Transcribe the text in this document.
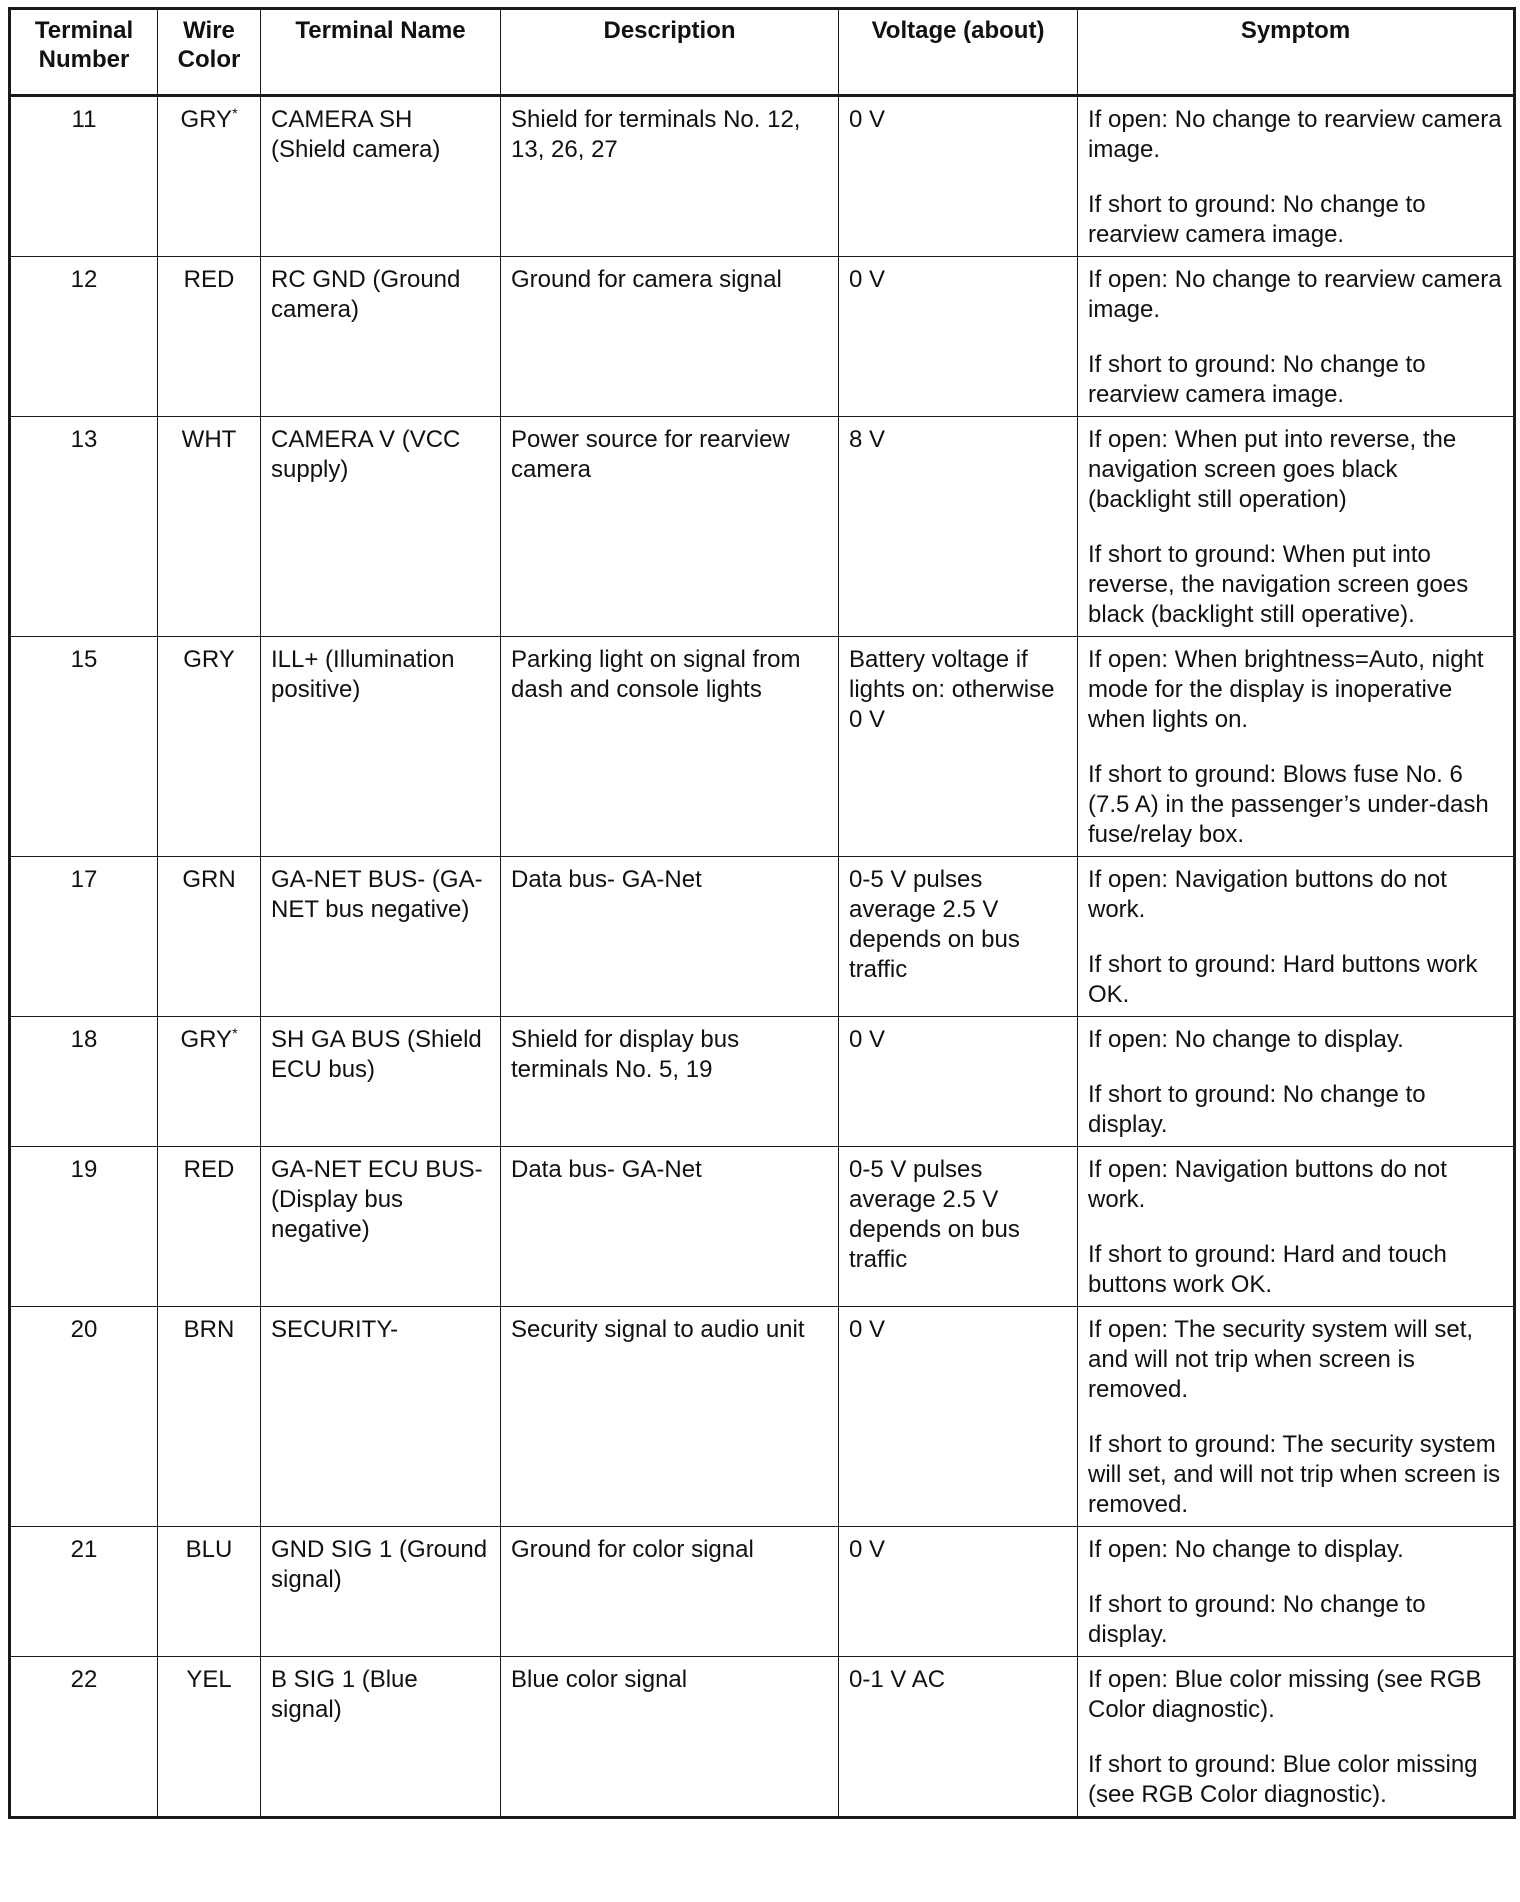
Terminal Number	Wire Color	Terminal Name	Description	Voltage (about)	Symptom
11	GRY*	CAMERA SH (Shield camera)	Shield for terminals No. 12, 13, 26, 27	0 V	If open: No change to rearview camera image.
If short to ground: No change to rearview camera image.

12	RED	RC GND (Ground camera)	Ground for camera signal	0 V	If open: No change to rearview camera image.
If short to ground: No change to rearview camera image.

13	WHT	CAMERA V (VCC supply)	Power source for rearview camera	8 V	If open: When put into reverse, the navigation screen goes black (backlight still operation)
If short to ground: When put into reverse, the navigation screen goes black (backlight still operative).

15	GRY	ILL+ (Illumination positive)	Parking light on signal from dash and console lights	Battery voltage if lights on: otherwise 0 V	If open: When brightness=Auto, night mode for the display is inoperative when lights on.
If short to ground: Blows fuse No. 6 (7.5 A) in the passenger’s under-dash fuse/relay box.

17	GRN	GA-NET BUS- (GA-NET bus negative)	Data bus- GA-Net	0-5 V pulses average 2.5 V depends on bus traffic	If open: Navigation buttons do not work.
If short to ground: Hard buttons work OK.

18	GRY*	SH GA BUS (Shield ECU bus)	Shield for display bus terminals No. 5, 19	0 V	If open: No change to display.
If short to ground: No change to display.

19	RED	GA-NET ECU BUS- (Display bus negative)	Data bus- GA-Net	0-5 V pulses average 2.5 V depends on bus traffic	If open: Navigation buttons do not work.
If short to ground: Hard and touch buttons work OK.

20	BRN	SECURITY-	Security signal to audio unit	0 V	If open: The security system will set, and will not trip when screen is removed.
If short to ground: The security system will set, and will not trip when screen is removed.

21	BLU	GND SIG 1 (Ground signal)	Ground for color signal	0 V	If open: No change to display.
If short to ground: No change to display.

22	YEL	B SIG 1 (Blue signal)	Blue color signal	0-1 V AC	If open: Blue color missing (see RGB Color diagnostic).
If short to ground: Blue color missing (see RGB Color diagnostic).
